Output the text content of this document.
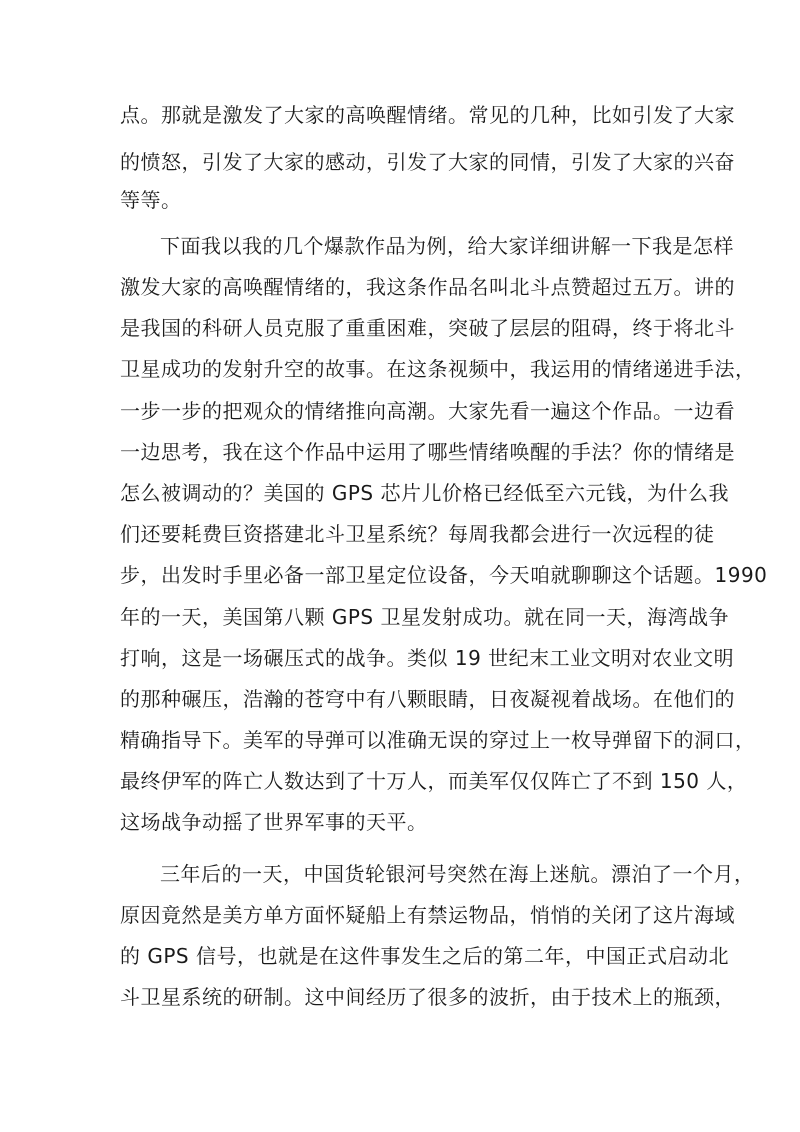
点。那就是激发了大家的高唤醒情绪。常见的几种，比如引发了大家

的愤怒，引发了大家的感动，引发了大家的同情，引发了大家的兴奋

等等。

下面我以我的几个爆款作品为例，给大家详细讲解一下我是怎样

激发大家的高唤醒情绪的，我这条作品名叫北斗点赞超过五万。讲的

是我国的科研人员克服了重重困难，突破了层层的阻碍，终于将北斗

卫星成功的发射升空的故事。在这条视频中，我运用的情绪递进手法，

一步一步的把观众的情绪推向高潮。大家先看一遍这个作品。一边看

一边思考，我在这个作品中运用了哪些情绪唤醒的手法？你的情绪是

怎么被调动的？美国的 GPS 芯片儿价格已经低至六元钱，为什么我

们还要耗费巨资搭建北斗卫星系统？每周我都会进行一次远程的徒

步，出发时手里必备一部卫星定位设备，今天咱就聊聊这个话题。1990

年的一天，美国第八颗 GPS 卫星发射成功。就在同一天，海湾战争

打响，这是一场碾压式的战争。类似 19 世纪末工业文明对农业文明

的那种碾压，浩瀚的苍穹中有八颗眼睛，日夜凝视着战场。在他们的

精确指导下。美军的导弹可以准确无误的穿过上一枚导弹留下的洞口，

最终伊军的阵亡人数达到了十万人，而美军仅仅阵亡了不到 150 人，

这场战争动摇了世界军事的天平。

三年后的一天，中国货轮银河号突然在海上迷航。漂泊了一个月，

原因竟然是美方单方面怀疑船上有禁运物品，悄悄的关闭了这片海域

的 GPS 信号，也就是在这件事发生之后的第二年，中国正式启动北

斗卫星系统的研制。这中间经历了很多的波折，由于技术上的瓶颈，
